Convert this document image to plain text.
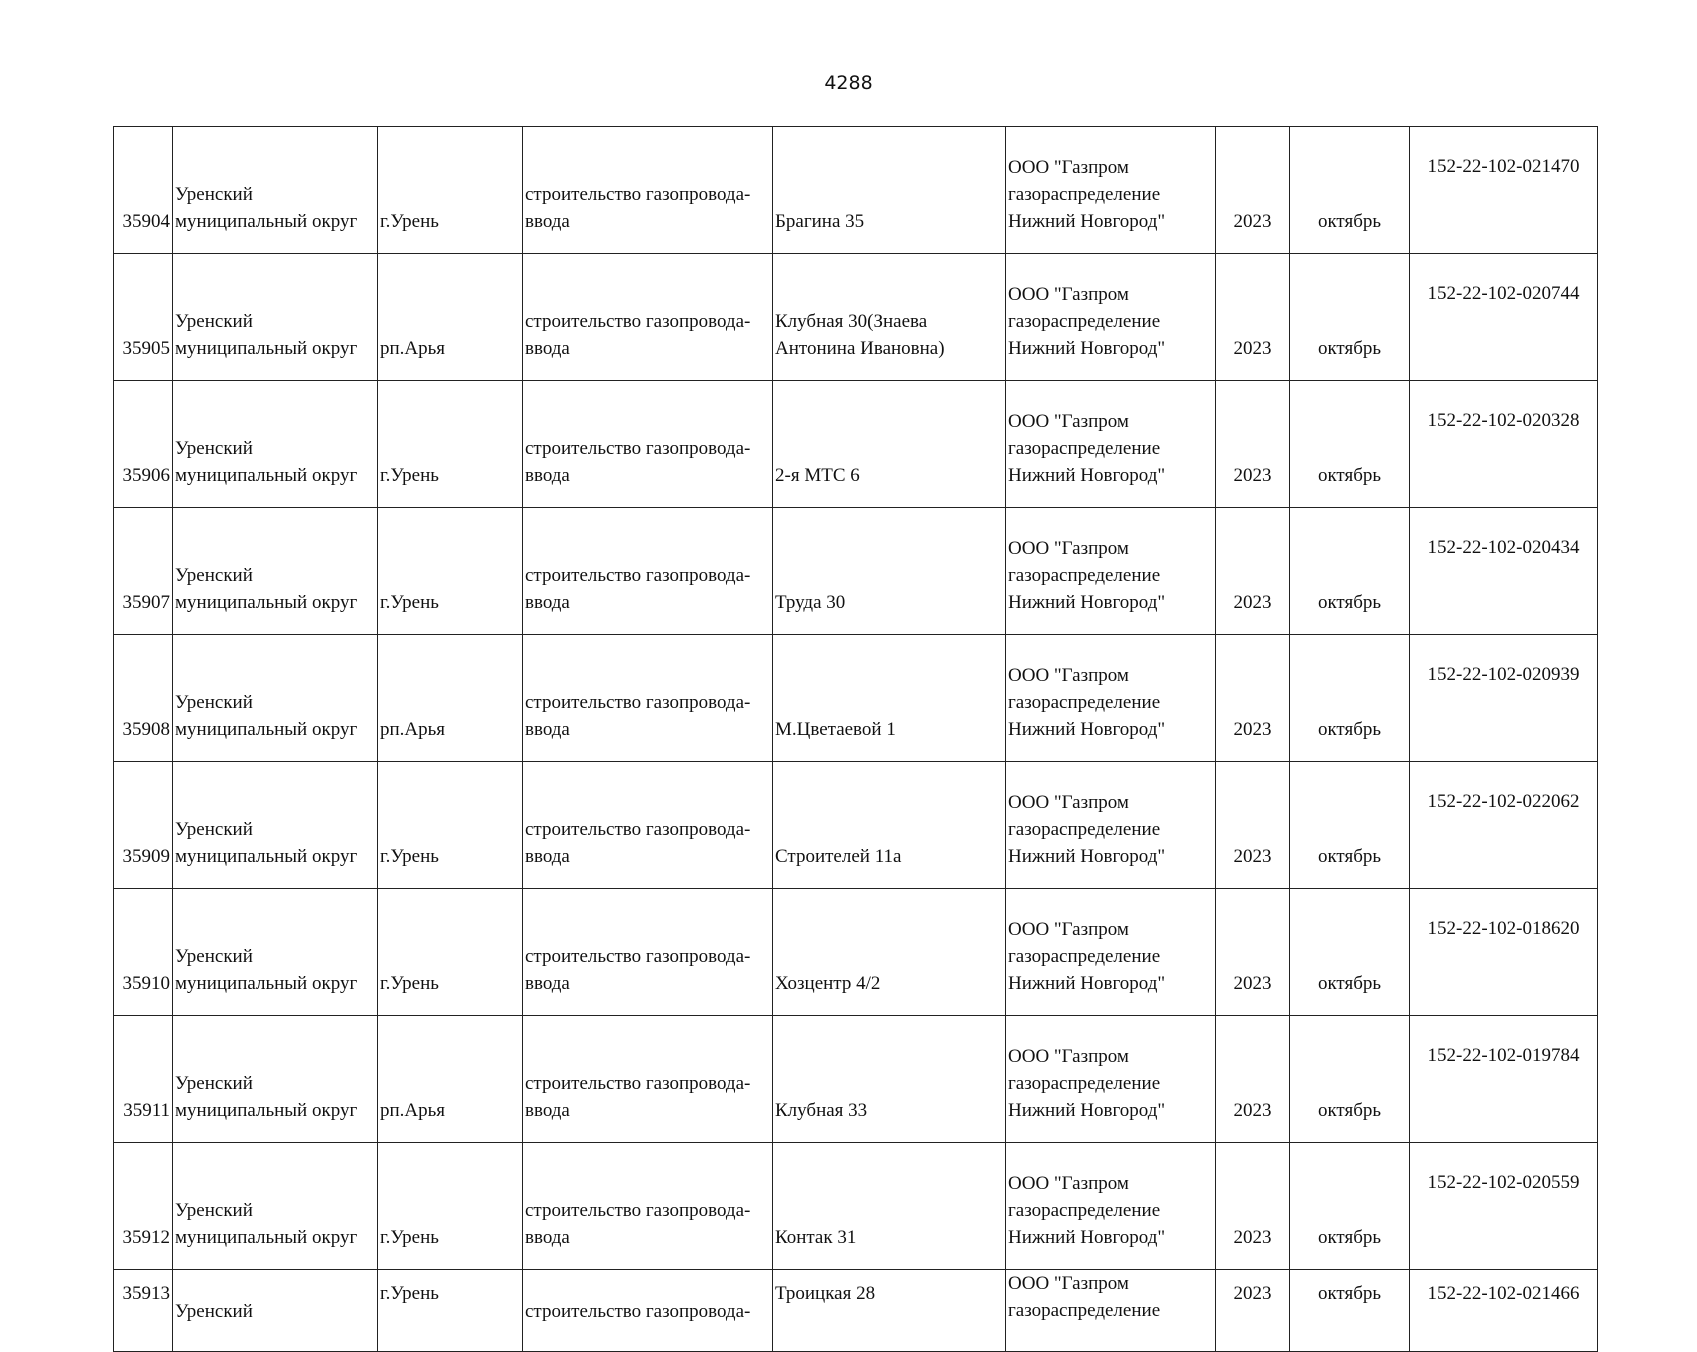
4288
35904	Уренский
муниципальный округ	г.Урень	строительство газопровода-
ввода	Брагина 35	ООО "Газпром
газораспределение
Нижний Новгород"	2023	октябрь	152-22-102-021470

35905	Уренский
муниципальный округ	рп.Арья	строительство газопровода-
ввода	Клубная 30(Знаева
Антонина Ивановна)	ООО "Газпром
газораспределение
Нижний Новгород"	2023	октябрь	152-22-102-020744

35906	Уренский
муниципальный округ	г.Урень	строительство газопровода-
ввода	2-я МТС 6	ООО "Газпром
газораспределение
Нижний Новгород"	2023	октябрь	152-22-102-020328

35907	Уренский
муниципальный округ	г.Урень	строительство газопровода-
ввода	Труда 30	ООО "Газпром
газораспределение
Нижний Новгород"	2023	октябрь	152-22-102-020434

35908	Уренский
муниципальный округ	рп.Арья	строительство газопровода-
ввода	М.Цветаевой 1	ООО "Газпром
газораспределение
Нижний Новгород"	2023	октябрь	152-22-102-020939

35909	Уренский
муниципальный округ	г.Урень	строительство газопровода-
ввода	Строителей 11а	ООО "Газпром
газораспределение
Нижний Новгород"	2023	октябрь	152-22-102-022062

35910	Уренский
муниципальный округ	г.Урень	строительство газопровода-
ввода	Хозцентр 4/2	ООО "Газпром
газораспределение
Нижний Новгород"	2023	октябрь	152-22-102-018620

35911	Уренский
муниципальный округ	рп.Арья	строительство газопровода-
ввода	Клубная 33	ООО "Газпром
газораспределение
Нижний Новгород"	2023	октябрь	152-22-102-019784

35912	Уренский
муниципальный округ	г.Урень	строительство газопровода-
ввода	Контак 31	ООО "Газпром
газораспределение
Нижний Новгород"	2023	октябрь	152-22-102-020559

35913	Уренский	г.Урень	строительство газопровода-	Троицкая 28	ООО "Газпром
газораспределение	2023	октябрь	152-22-102-021466
